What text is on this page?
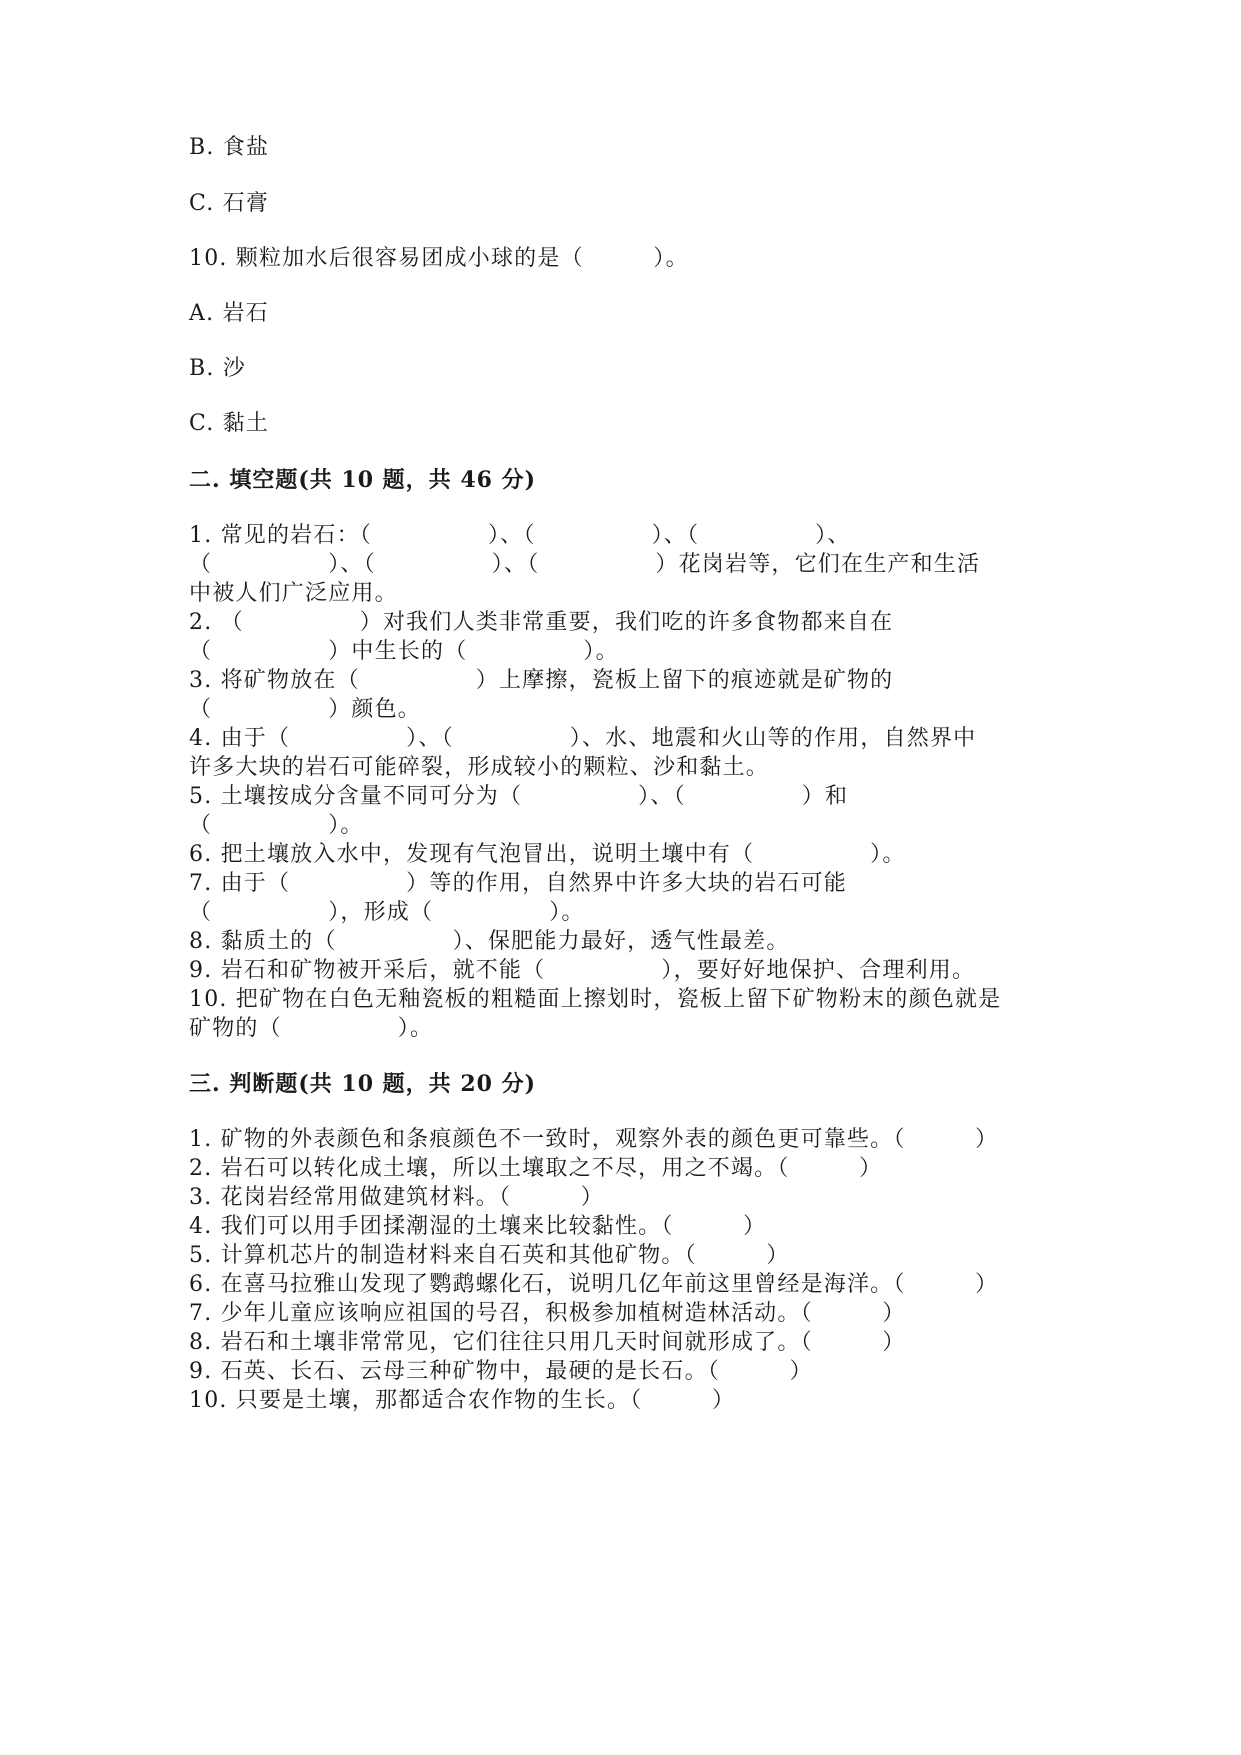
B. 食盐
C. 石膏
10. 颗粒加水后很容易团成小球的是（　　　）。
A. 岩石
B. 沙
C. 黏土
二. 填空题(共 10 题，共 46 分)
1. 常见的岩石：（　　　　　）、（　　　　　）、（　　　　　）、
（　　　　　）、（　　　　　）、（　　　　　）花岗岩等，它们在生产和生活
中被人们广泛应用。
2. （　　　　　）对我们人类非常重要，我们吃的许多食物都来自在
（　　　　　）中生长的（　　　　　）。
3. 将矿物放在（　　　　　）上摩擦，瓷板上留下的痕迹就是矿物的
（　　　　　）颜色。
4. 由于（　　　　　）、（　　　　　）、水、地震和火山等的作用，自然界中
许多大块的岩石可能碎裂，形成较小的颗粒、沙和黏土。
5. 土壤按成分含量不同可分为（　　　　　）、（　　　　　）和
（　　　　　）。
6. 把土壤放入水中，发现有气泡冒出，说明土壤中有（　　　　　）。
7. 由于（　　　　　）等的作用，自然界中许多大块的岩石可能
（　　　　　），形成（　　　　　）。
8. 黏质土的（　　　　　）、保肥能力最好，透气性最差。
9. 岩石和矿物被开采后，就不能（　　　　　），要好好地保护、合理利用。
10. 把矿物在白色无釉瓷板的粗糙面上擦划时，瓷板上留下矿物粉末的颜色就是
矿物的（　　　　　）。
三. 判断题(共 10 题，共 20 分)
1. 矿物的外表颜色和条痕颜色不一致时，观察外表的颜色更可靠些。（　　　）
2. 岩石可以转化成土壤，所以土壤取之不尽，用之不竭。（　　　）
3. 花岗岩经常用做建筑材料。（　　　）
4. 我们可以用手团揉潮湿的土壤来比较黏性。（　　　）
5. 计算机芯片的制造材料来自石英和其他矿物。（　　　）
6. 在喜马拉雅山发现了鹦鹉螺化石，说明几亿年前这里曾经是海洋。（　　　）
7. 少年儿童应该响应祖国的号召，积极参加植树造林活动。（　　　）
8. 岩石和土壤非常常见，它们往往只用几天时间就形成了。（　　　）
9. 石英、长石、云母三种矿物中，最硬的是长石。（　　　）
10. 只要是土壤，那都适合农作物的生长。（　　　）
